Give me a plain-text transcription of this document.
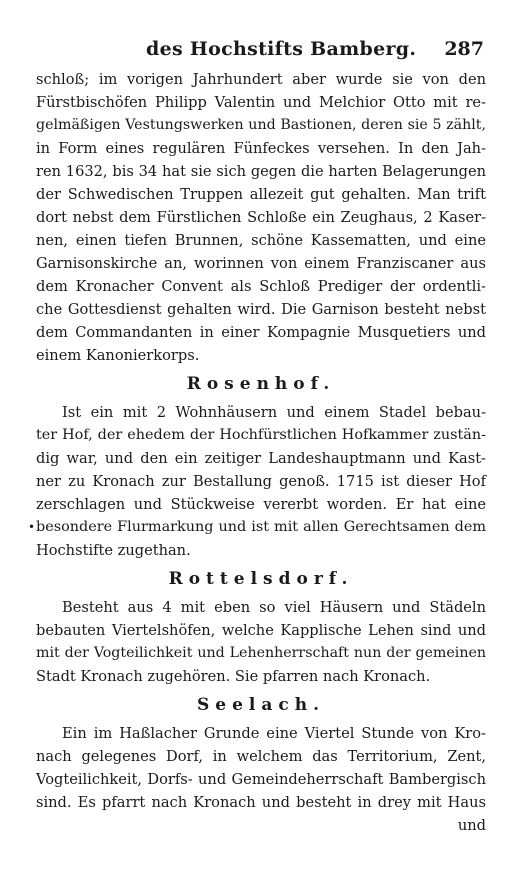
des Hochstifts Bamberg. 287
schloß; im vorigen Jahrhundert aber wurde sie von den
Fürstbischöfen Philipp Valentin und Melchior Otto mit re-
gelmäßigen Vestungswerken und Bastionen, deren sie 5 zählt,
in Form eines regulären Fünfeckes versehen. In den Jah-
ren 1632, bis 34 hat sie sich gegen die harten Belagerungen
der Schwedischen Truppen allezeit gut gehalten. Man trift
dort nebst dem Fürstlichen Schloße ein Zeughaus, 2 Kaser-
nen, einen tiefen Brunnen, schöne Kassematten, und eine
Garnisonskirche an, worinnen von einem Franziscaner aus
dem Kronacher Convent als Schloß Prediger der ordentli-
che Gottesdienst gehalten wird. Die Garnison besteht nebst
dem Commandanten in einer Kompagnie Musquetiers und
einem Kanonierkorps.
Rosenhof.
Ist ein mit 2 Wohnhäusern und einem Stadel bebau-
ter Hof, der ehedem der Hochfürstlichen Hofkammer zustän-
dig war, und den ein zeitiger Landeshauptmann und Kast-
ner zu Kronach zur Bestallung genoß. 1715 ist dieser Hof
zerschlagen und Stückweise vererbt worden. Er hat eine
• besondere Flurmarkung und ist mit allen Gerechtsamen dem
Hochstifte zugethan.
Rottelsdorf.
Besteht aus 4 mit eben so viel Häusern und Städeln
bebauten Viertelshöfen, welche Kapplische Lehen sind und
mit der Vogteilichkeit und Lehenherrschaft nun der gemeinen
Stadt Kronach zugehören. Sie pfarren nach Kronach.
Seelach.
Ein im Haßlacher Grunde eine Viertel Stunde von Kro-
nach gelegenes Dorf, in welchem das Territorium, Zent,
Vogteilichkeit, Dorfs- und Gemeindeherrschaft Bambergisch
sind. Es pfarrt nach Kronach und besteht in drey mit Haus
und
